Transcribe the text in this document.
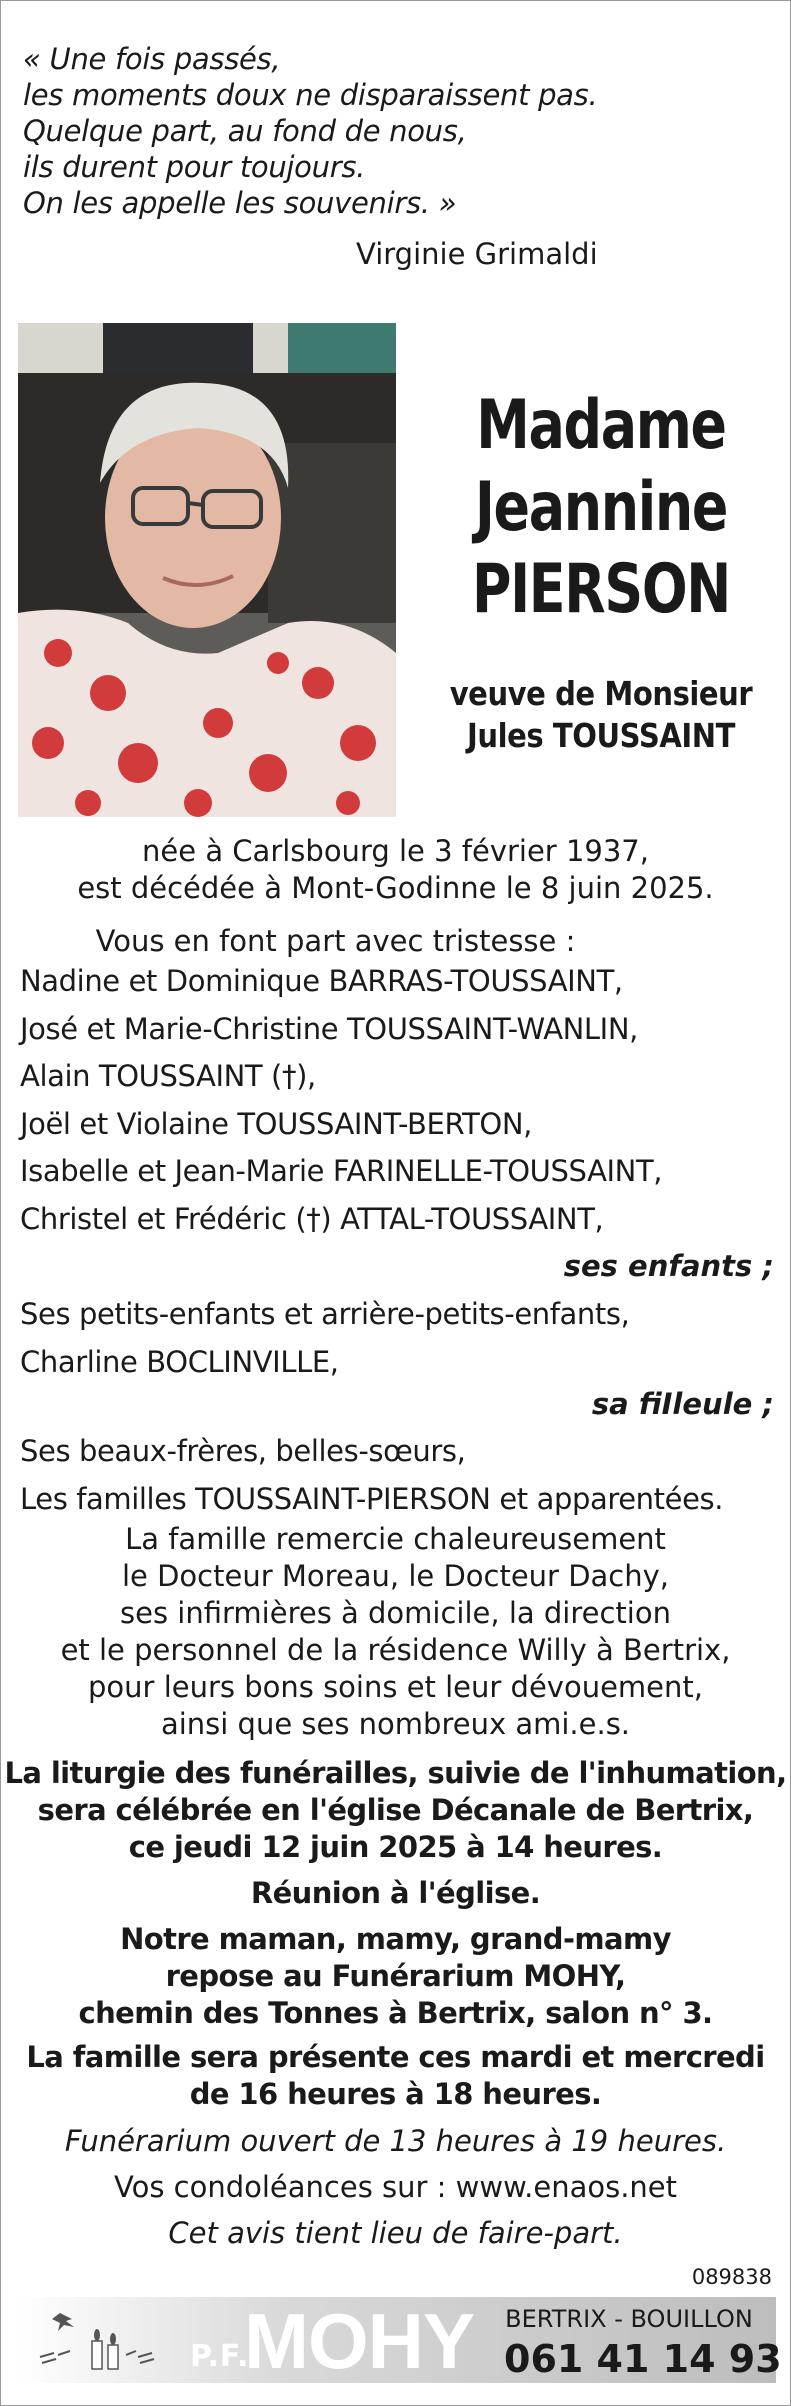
« Une fois passés,
les moments doux ne disparaissent pas.
Quelque part, au fond de nous,
ils durent pour toujours.
On les appelle les souvenirs. »
Virginie Grimaldi
Madame
Jeannine
PIERSON
veuve de Monsieur
Jules TOUSSAINT
née à Carlsbourg le 3 février 1937,
est décédée à Mont-Godinne le 8 juin 2025.
Vous en font part avec tristesse :
Nadine et Dominique BARRAS-TOUSSAINT,
José et Marie-Christine TOUSSAINT-WANLIN,
Alain TOUSSAINT (†),
Joël et Violaine TOUSSAINT-BERTON,
Isabelle et Jean-Marie FARINELLE-TOUSSAINT,
Christel et Frédéric (†) ATTAL-TOUSSAINT,
ses enfants ;
Ses petits-enfants et arrière-petits-enfants,
Charline BOCLINVILLE,
sa fiIleule ;
Ses beaux-frères, belles-sœurs,
Les familles TOUSSAINT-PIERSON et apparentées.
La famille remercie chaleureusement
le Docteur Moreau, le Docteur Dachy,
ses infirmières à domicile, la direction
et le personnel de la résidence Willy à Bertrix,
pour leurs bons soins et leur dévouement,
ainsi que ses nombreux ami.e.s.
La liturgie des funérailles, suivie de l'inhumation,
sera célébrée en l'église Décanale de Bertrix,
ce jeudi 12 juin 2025 à 14 heures.
Réunion à l'église.
Notre maman, mamy, grand-mamy
repose au Funérarium MOHY,
chemin des Tonnes à Bertrix, salon n° 3.
La famille sera présente ces mardi et mercredi
de 16 heures à 18 heures.
Funérarium ouvert de 13 heures à 19 heures.
Vos condoléances sur : www.enaos.net
Cet avis tient lieu de faire-part.
089838
P.F.
MOHY BERTRIX - BOUILLON
061 41 14 93
